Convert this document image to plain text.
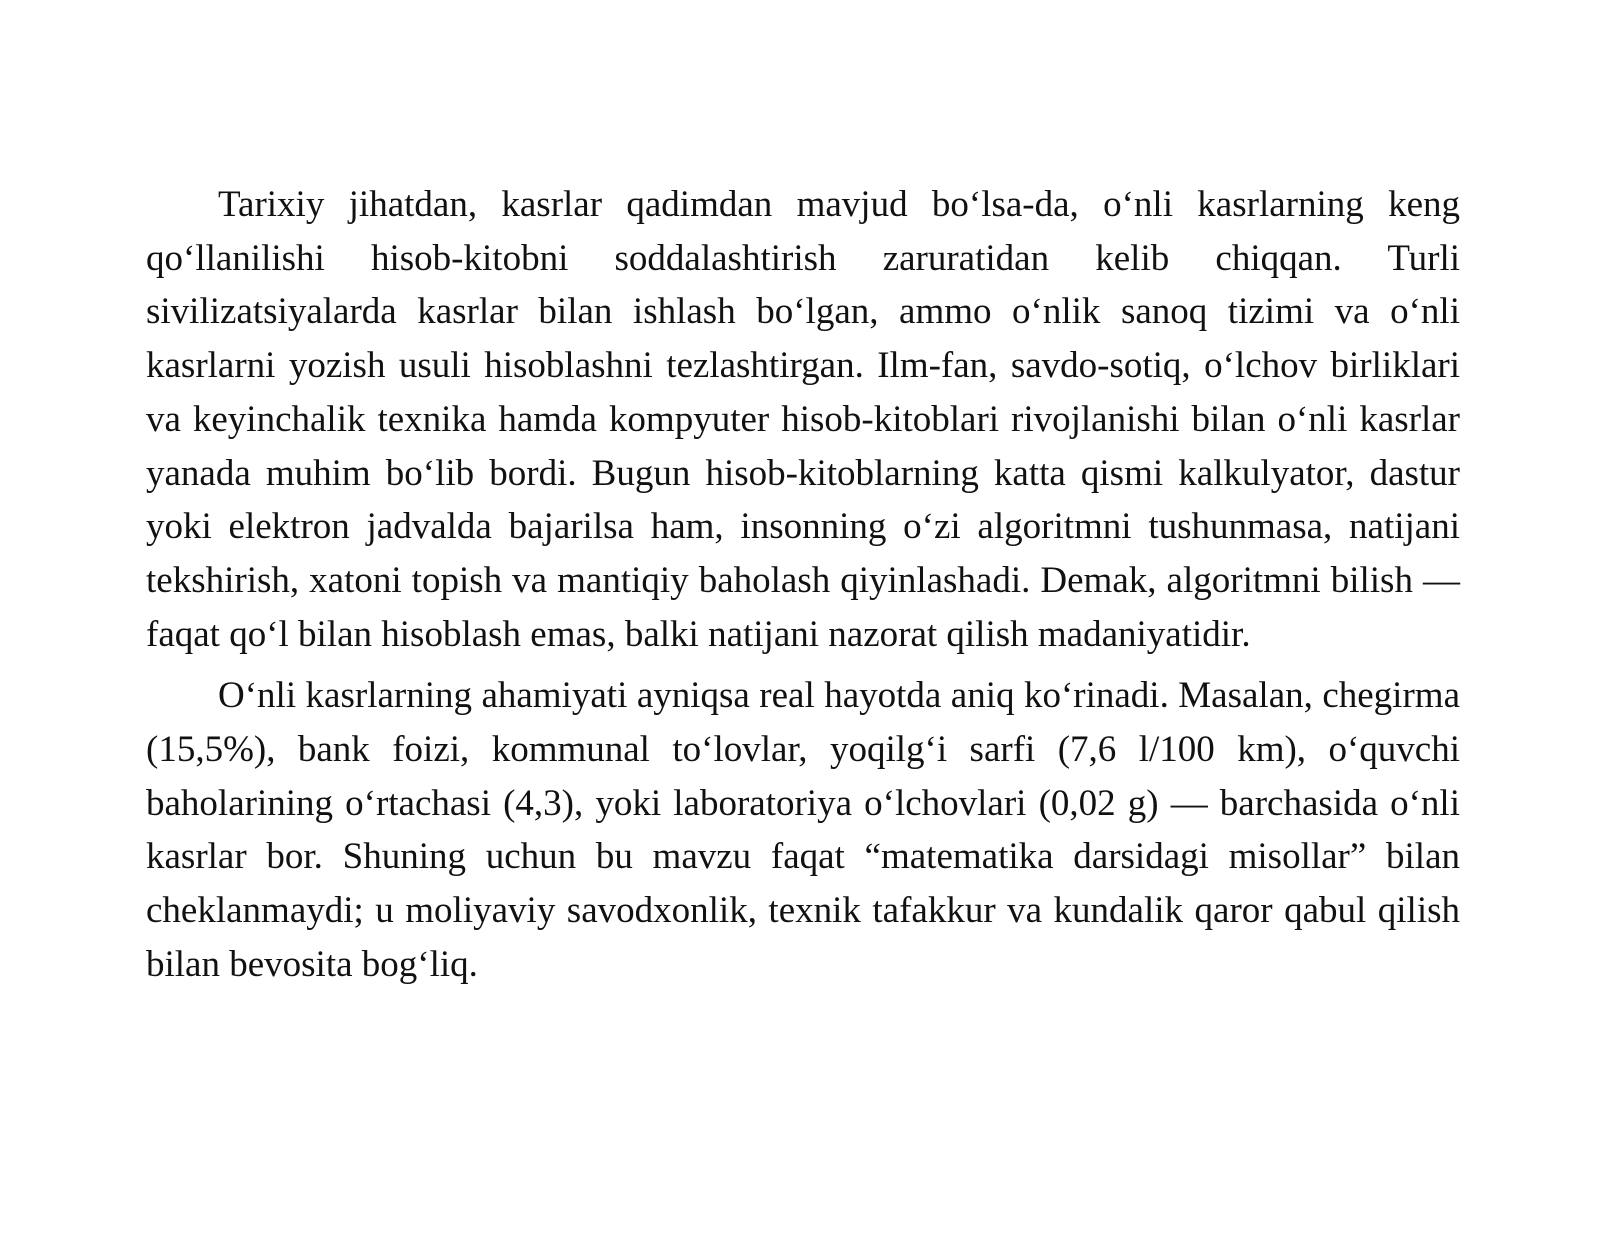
Tarixiy jihatdan, kasrlar qadimdan mavjud bo‘lsa-da, o‘nli kasrlarning keng qo‘llanilishi hisob-kitobni soddalashtirish zaruratidan kelib chiqqan. Turli sivilizatsiyalarda kasrlar bilan ishlash bo‘lgan, ammo o‘nlik sanoq tizimi va o‘nli kasrlarni yozish usuli hisoblashni tezlashtirgan. Ilm-fan, savdo-sotiq, o‘lchov birliklari va keyinchalik texnika hamda kompyuter hisob-kitoblari rivojlanishi bilan o‘nli kasrlar yanada muhim bo‘lib bordi. Bugun hisob-kitoblarning katta qismi kalkulyator, dastur yoki elektron jadvalda bajarilsa ham, insonning o‘zi algoritmni tushunmasa, natijani tekshirish, xatoni topish va mantiqiy baholash qiyinlashadi. Demak, algoritmni bilish — faqat qo‘l bilan hisoblash emas, balki natijani nazorat qilish madaniyatidir.

O‘nli kasrlarning ahamiyati ayniqsa real hayotda aniq ko‘rinadi. Masalan, chegirma (15,5%), bank foizi, kommunal to‘lovlar, yoqilg‘i sarfi (7,6 l/100 km), o‘quvchi baholarining o‘rtachasi (4,3), yoki laboratoriya o‘lchovlari (0,02 g) — barchasida o‘nli kasrlar bor. Shuning uchun bu mavzu faqat “matematika darsidagi misollar” bilan cheklanmaydi; u moliyaviy savodxonlik, texnik tafakkur va kundalik qaror qabul qilish bilan bevosita bog‘liq.
